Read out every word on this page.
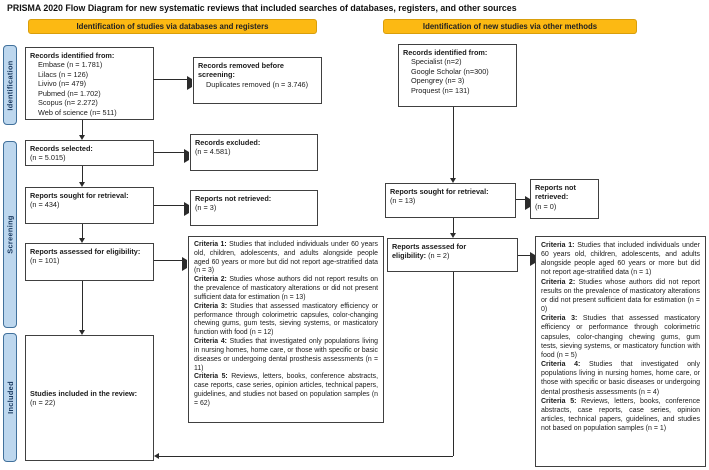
PRISMA 2020 Flow Diagram for new systematic reviews that included searches of databases, registers, and other sources
Identification of studies via databases and registers	Identification of new studies via other methods
Identification
Screening
Included
Records identified from:
Embase (n = 1.781)
Lilacs (n = 126)
Livivo (n= 479)
Pubmed (n= 1.702)
Scopus (n= 2.272)
Web of science (n= 511)
Records removed before screening:
Duplicates removed (n = 3.746)
Records selected:
(n = 5.015)
Records excluded:
(n = 4.581)
Reports sought for retrieval:
(n = 434)
Reports not retrieved:
(n = 3)
Reports assessed for eligibility:
(n = 101)

Criteria 1: Studies that included individuals under 60 years old, children, adolescents, and adults alongside people aged 60 years or more but did not report age-stratified data (n = 3)

Criteria 2: Studies whose authors did not report results on the prevalence of masticatory alterations or did not present sufficient data for estimation (n = 13)

Criteria 3: Studies that assessed masticatory efficiency or performance through colorimetric capsules, color-changing chewing gums, gum tests, sieving systems, or masticatory function with food (n = 12)

Criteria 4: Studies that investigated only populations living in nursing homes, home care, or those with specific or basic diseases or undergoing dental prosthesis assessments (n = 11)

Criteria 5: Reviews, letters, books, conference abstracts, case reports, case series, opinion articles, technical papers, guidelines, and studies not based on population samples (n = 62)

Studies included in the review:
(n = 22)
Records identified from:
Specialist (n=2)
Google Scholar (n=300)
Opengrey (n= 3)
Proquest (n= 131)
Reports sought for retrieval:
(n = 13)
Reports not retrieved:
(n = 0)
Reports assessed for
eligibility: (n = 2)

Criteria 1: Studies that included individuals under 60 years old, children, adolescents, and adults alongside people aged 60 years or more but did not report age-stratified data (n = 1)

Criteria 2: Studies whose authors did not report results on the prevalence of masticatory alterations or did not present sufficient data for estimation (n = 0)

Criteria 3: Studies that assessed masticatory efficiency or performance through colorimetric capsules, color-changing chewing gums, gum tests, sieving systems, or masticatory function with food (n = 5)

Criteria 4: Studies that investigated only populations living in nursing homes, home care, or those with specific or basic diseases or undergoing dental prosthesis assessments (n = 4)

Criteria 5: Reviews, letters, books, conference abstracts, case reports, case series, opinion articles, technical papers, guidelines, and studies not based on population samples (n = 1)
